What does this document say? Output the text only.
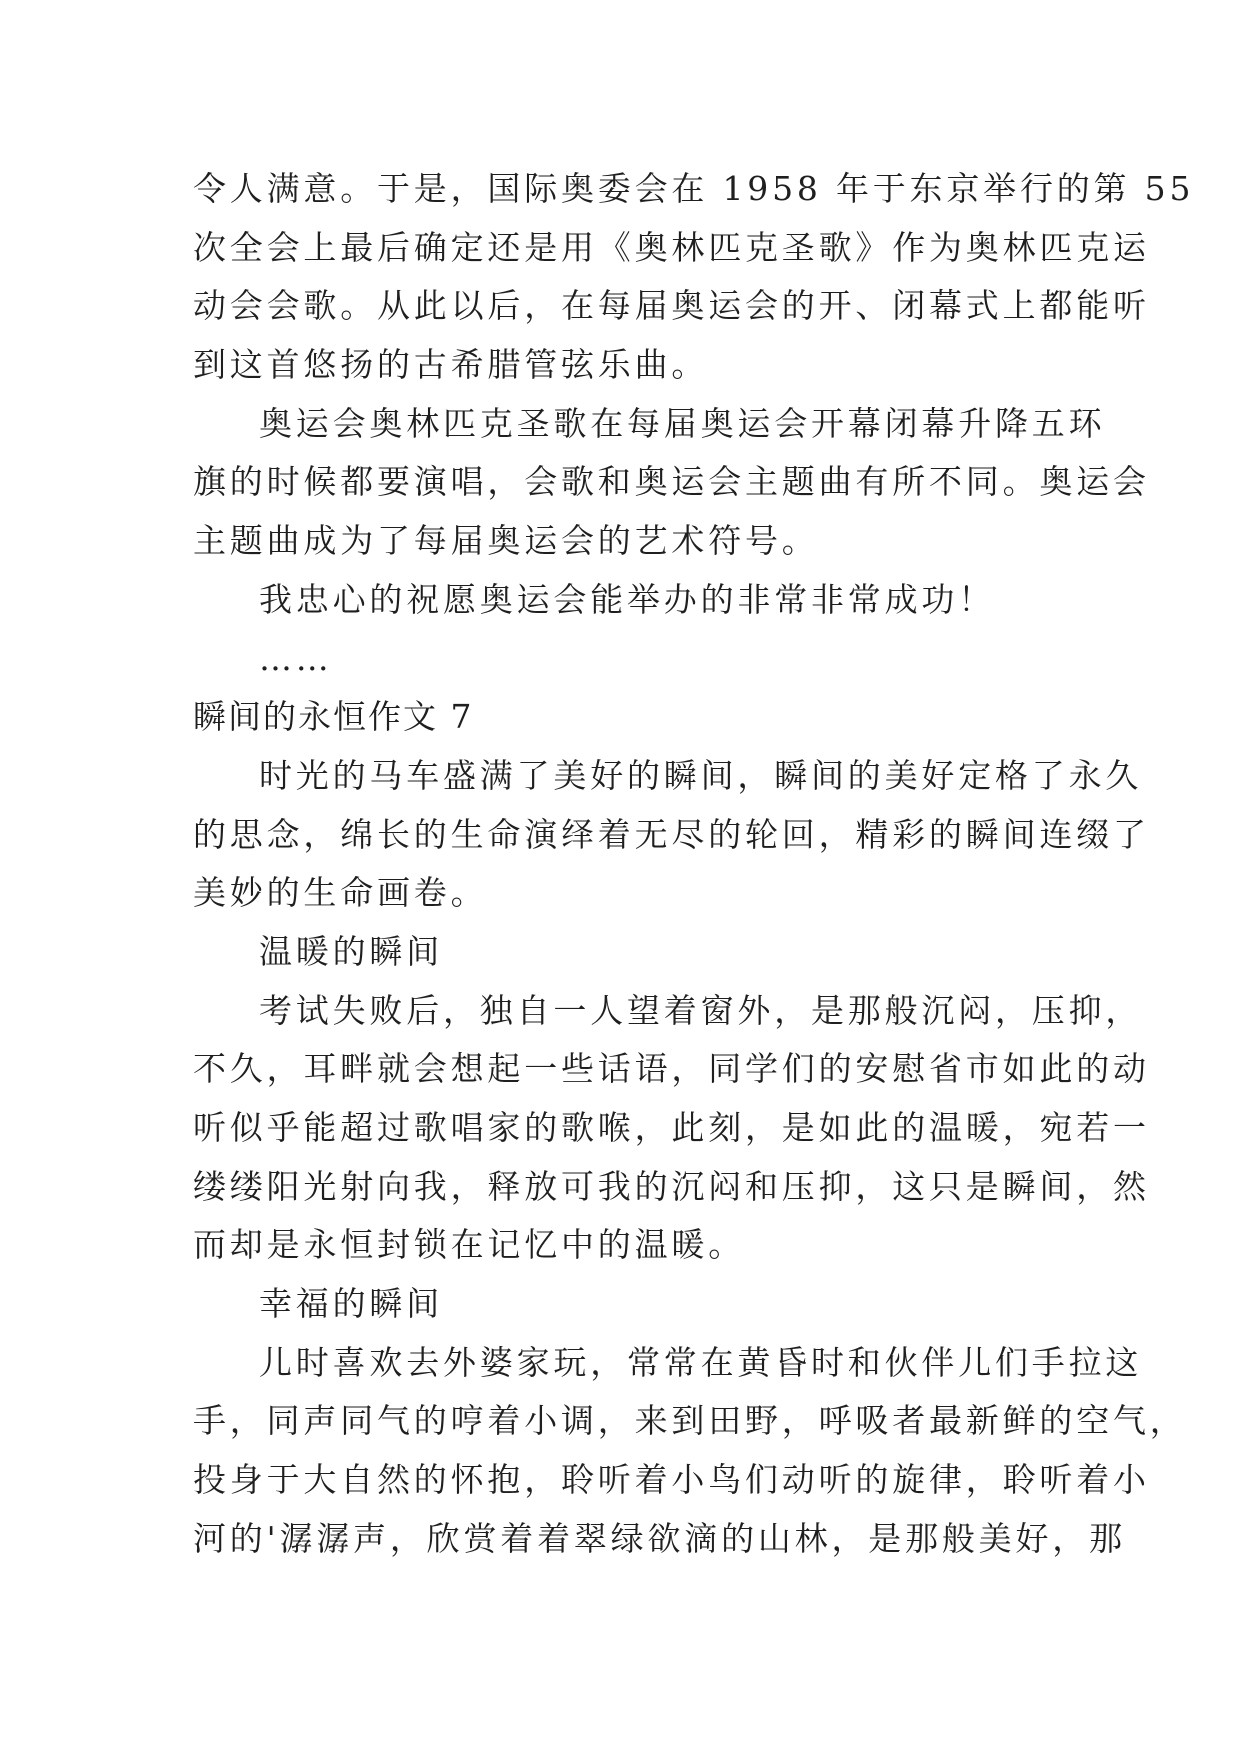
令人满意。于是，国际奥委会在 1958 年于东京举行的第 55
次全会上最后确定还是用《奥林匹克圣歌》作为奥林匹克运
动会会歌。从此以后，在每届奥运会的开、闭幕式上都能听
到这首悠扬的古希腊管弦乐曲。
奥运会奥林匹克圣歌在每届奥运会开幕闭幕升降五环
旗的时候都要演唱，会歌和奥运会主题曲有所不同。奥运会
主题曲成为了每届奥运会的艺术符号。
我忠心的祝愿奥运会能举办的非常非常成功！
……
瞬间的永恒作文 7
时光的马车盛满了美好的瞬间，瞬间的美好定格了永久
的思念，绵长的生命演绎着无尽的轮回，精彩的瞬间连缀了
美妙的生命画卷。
温暖的瞬间
考试失败后，独自一人望着窗外，是那般沉闷，压抑，
不久，耳畔就会想起一些话语，同学们的安慰省市如此的动
听似乎能超过歌唱家的歌喉，此刻，是如此的温暖，宛若一
缕缕阳光射向我，释放可我的沉闷和压抑，这只是瞬间，然
而却是永恒封锁在记忆中的温暖。
幸福的瞬间
儿时喜欢去外婆家玩，常常在黄昏时和伙伴儿们手拉这
手，同声同气的哼着小调，来到田野，呼吸者最新鲜的空气，
投身于大自然的怀抱，聆听着小鸟们动听的旋律，聆听着小
河的'潺潺声，欣赏着着翠绿欲滴的山林，是那般美好，那
